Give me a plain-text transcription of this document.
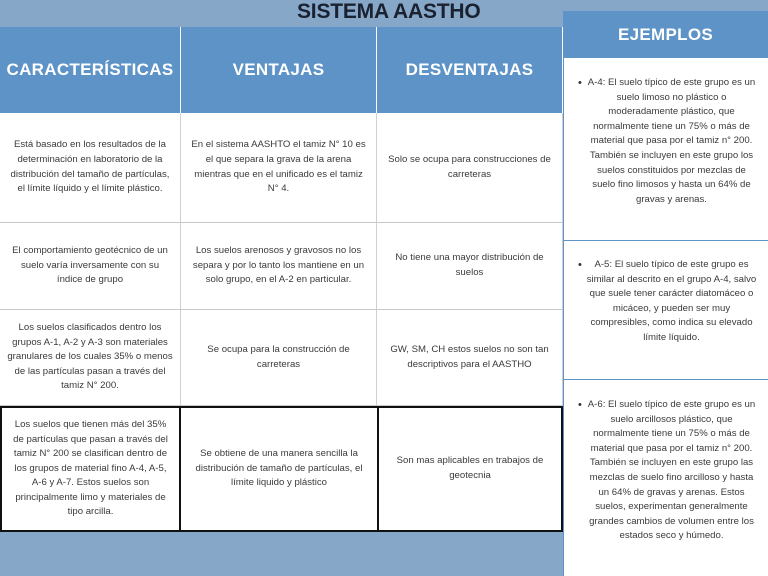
SISTEMA AASTHO
CARACTERÍSTICAS	VENTAJAS	DESVENTAJAS
Está basado en los resultados de la determinación en laboratorio de la distribución del tamaño de partículas, el límite líquido y el límite plástico.
En el sistema AASHTO el tamiz N° 10 es el que separa la grava de la arena mientras que en el unificado es el tamiz N° 4.
Solo se ocupa para construcciones de carreteras
El comportamiento geotécnico de un suelo varía inversamente con su índice de grupo
Los suelos arenosos y gravosos no los separa y por lo tanto los mantiene en un solo grupo, en el A-2 en particular.
No tiene una mayor distribución de suelos
Los suelos clasificados dentro los grupos A-1, A-2 y A-3 son materiales granulares de los cuales 35% o menos de las partículas pasan a través del tamiz N° 200.
Se ocupa para la construcción de carreteras
GW, SM, CH estos suelos no son tan descriptivos para el AASTHO
Los suelos que tienen más del 35% de partículas que pasan a través del tamiz N° 200 se clasifican dentro de los grupos de material fino A-4, A-5, A-6 y A-7. Estos suelos son principalmente limo y materiales de tipo arcilla.
Se obtiene de una manera sencilla la distribución de tamaño de partículas, el límite liquido y plástico
Son mas aplicables en trabajos de geotecnia
EJEMPLOS
• A-4: El suelo típico de este grupo es un suelo limoso no plástico o moderadamente plástico, que normalmente tiene un 75% o más de material que pasa por el tamiz n° 200. También se incluyen en este grupo los suelos constituidos por mezclas de suelo fino limosos y hasta un 64% de gravas y arenas.
• A-5: El suelo típico de este grupo es similar al descrito en el grupo A-4, salvo que suele tener carácter diatomáceo o micáceo, y pueden ser muy compresibles, como indica su elevado límite líquido.
• A-6: El suelo típico de este grupo es un suelo arcillosos plástico, que normalmente tiene un 75% o más de material que pasa por el tamiz n° 200. También se incluyen en este grupo las mezclas de suelo fino arcilloso y hasta un 64% de gravas y arenas. Estos suelos, experimentan generalmente grandes cambios de volumen entre los estados seco y húmedo.
